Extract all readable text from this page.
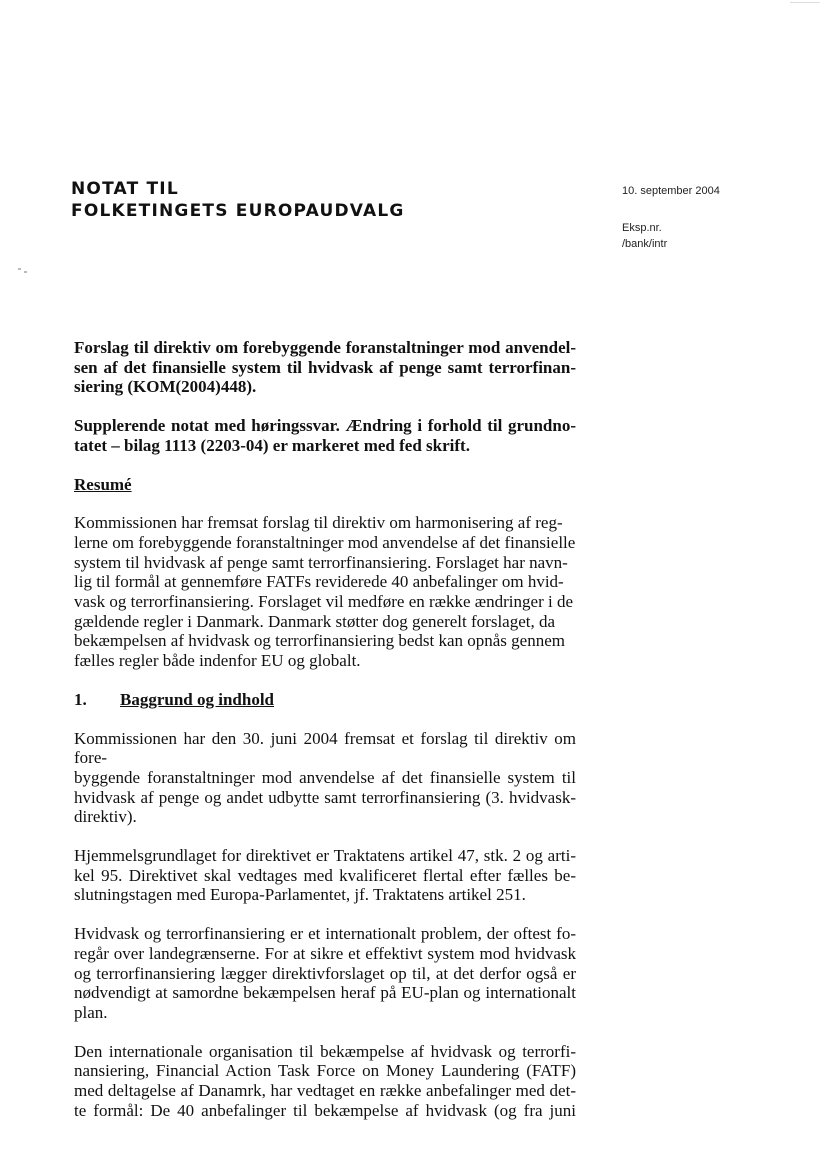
NOTAT TIL
FOLKETINGETS EUROPAUDVALG
10. september 2004
Eksp.nr.
/bank/intr

Forslag til direktiv om forebyggende foranstaltninger mod anvendel-
sen af det finansielle system til hvidvask af penge samt terrorfinan-
siering (KOM(2004)448).

Supplerende notat med høringssvar. Ændring i forhold til grundno-
tatet – bilag 1113 (2203-04) er markeret med fed skrift.

Resumé

Kommissionen har fremsat forslag til direktiv om harmonisering af reg-
lerne om forebyggende foranstaltninger mod anvendelse af det finansielle
system til hvidvask af penge samt terrorfinansiering. Forslaget har navn-
lig til formål at gennemføre FATFs reviderede 40 anbefalinger om hvid-
vask og terrorfinansiering. Forslaget vil medføre en række ændringer i de
gældende regler i Danmark. Danmark støtter dog generelt forslaget, da
bekæmpelsen af hvidvask og terrorfinansiering bedst kan opnås gennem
fælles regler både indenfor EU og globalt.

1. Baggrund og indhold

Kommissionen har den 30. juni 2004 fremsat et forslag til direktiv om fore-
byggende foranstaltninger mod anvendelse af det finansielle system til
hvidvask af penge og andet udbytte samt terrorfinansiering (3. hvidvask-
direktiv).

Hjemmelsgrundlaget for direktivet er Traktatens artikel 47, stk. 2 og arti-
kel 95. Direktivet skal vedtages med kvalificeret flertal efter fælles be-
slutningstagen med Europa-Parlamentet, jf. Traktatens artikel 251.

Hvidvask og terrorfinansiering er et internationalt problem, der oftest fo-
regår over landegrænserne. For at sikre et effektivt system mod hvidvask
og terrorfinansiering lægger direktivforslaget op til, at det derfor også er
nødvendigt at samordne bekæmpelsen heraf på EU-plan og internationalt
plan.

Den internationale organisation til bekæmpelse af hvidvask og terrorfi-
nansiering, Financial Action Task Force on Money Laundering (FATF)
med deltagelse af Danamrk, har vedtaget en række anbefalinger med det-
te formål: De 40 anbefalinger til bekæmpelse af hvidvask (og fra juni
